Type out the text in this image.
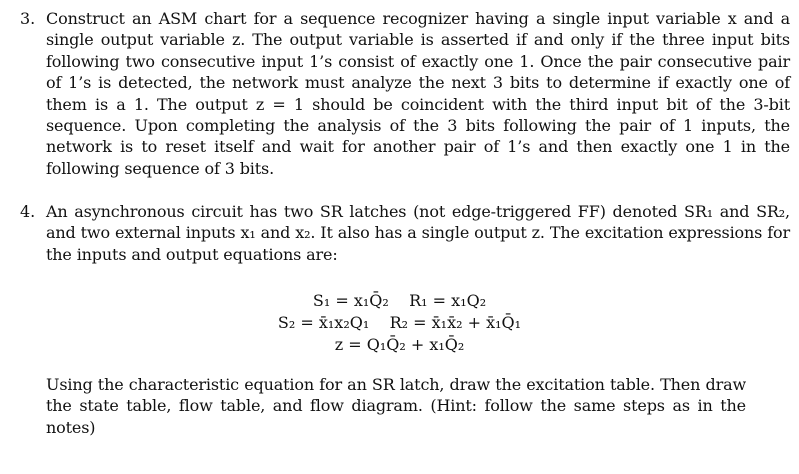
3. Construct an ASM chart for a sequence recognizer having a single input variable x and a single output variable z. The output variable is asserted if and only if the three input bits following two consecutive input 1’s consist of exactly one 1. Once the pair consecutive pair of 1’s is detected, the network must analyze the next 3 bits to determine if exactly one of them is a 1. The output z = 1 should be coincident with the third input bit of the 3-bit sequence. Upon completing the analysis of the 3 bits following the pair of 1 inputs, the network is to reset itself and wait for another pair of 1’s and then exactly one 1 in the following sequence of 3 bits.
4. An asynchronous circuit has two SR latches (not edge-triggered FF) denoted SR₁ and SR₂, and two external inputs x₁ and x₂. It also has a single output z. The excitation expressions for the inputs and output equations are:
S₁ = x₁Q̄₂    R₁ = x₁Q₂
S₂ = x̄₁x₂Q₁    R₂ = x̄₁x̄₂ + x̄₁Q̄₁
z = Q₁Q̄₂ + x₁Q̄₂
Using the characteristic equation for an SR latch, draw the excitation table. Then draw the state table, flow table, and flow diagram. (Hint: follow the same steps as in the notes)
